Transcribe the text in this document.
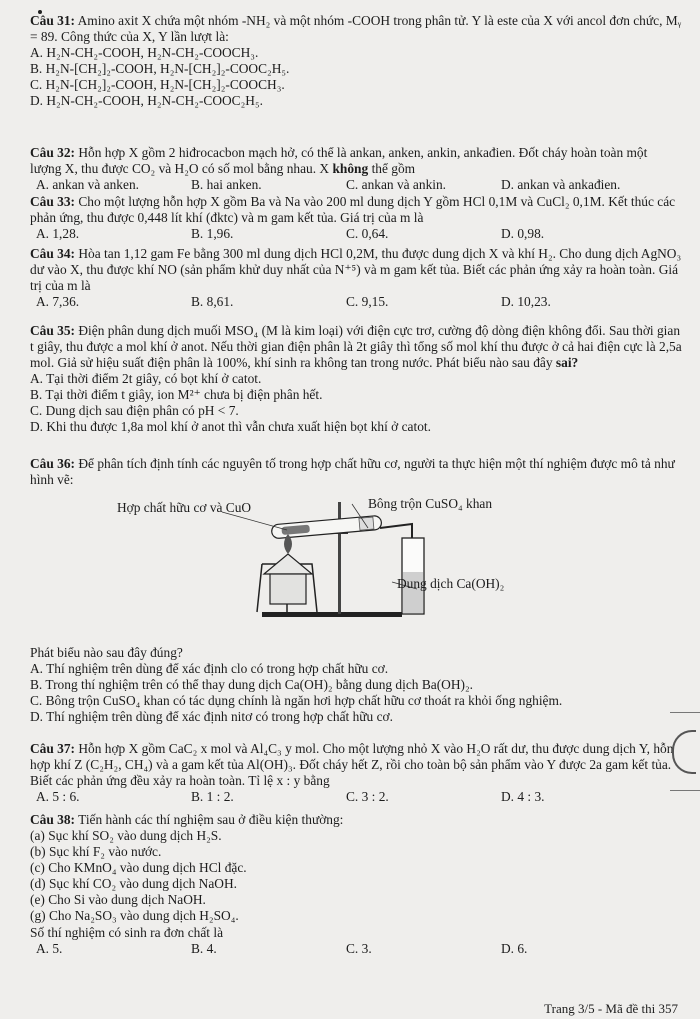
Câu 31: Amino axit X chứa một nhóm -NH₂ và một nhóm -COOH trong phân tử. Y là este của X với ancol đơn chức, Mᵧ = 89. Công thức của X, Y lần lượt là:

A. H₂N-CH₂-COOH, H₂N-CH₂-COOCH₃.

B. H₂N-[CH₂]₂-COOH, H₂N-[CH₂]₂-COOC₂H₅.

C. H₂N-[CH₂]₂-COOH, H₂N-[CH₂]₂-COOCH₃.

D. H₂N-CH₂-COOH, H₂N-CH₂-COOC₂H₅.

Câu 32: Hỗn hợp X gồm 2 hiđrocacbon mạch hở, có thể là ankan, anken, ankin, ankađien. Đốt cháy hoàn toàn một lượng X, thu được CO₂ và H₂O có số mol bằng nhau. X không thể gồm

A. ankan và anken.	B. hai anken.	C. ankan và ankin.	D. ankan và ankađien.

Câu 33: Cho một lượng hỗn hợp X gồm Ba và Na vào 200 ml dung dịch Y gồm HCl 0,1M và CuCl₂ 0,1M. Kết thúc các phản ứng, thu được 0,448 lít khí (đktc) và m gam kết tủa. Giá trị của m là

A. 1,28.	B. 1,96.	C. 0,64.	D. 0,98.

Câu 34: Hòa tan 1,12 gam Fe bằng 300 ml dung dịch HCl 0,2M, thu được dung dịch X và khí H₂. Cho dung dịch AgNO₃ dư vào X, thu được khí NO (sản phẩm khử duy nhất của N⁺⁵) và m gam kết tủa. Biết các phản ứng xảy ra hoàn toàn. Giá trị của m là

A. 7,36.	B. 8,61.	C. 9,15.	D. 10,23.

Câu 35: Điện phân dung dịch muối MSO₄ (M là kim loại) với điện cực trơ, cường độ dòng điện không đổi. Sau thời gian t giây, thu được a mol khí ở anot. Nếu thời gian điện phân là 2t giây thì tổng số mol khí thu được ở cả hai điện cực là 2,5a mol. Giả sử hiệu suất điện phân là 100%, khí sinh ra không tan trong nước. Phát biểu nào sau đây sai?

A. Tại thời điểm 2t giây, có bọt khí ở catot.

B. Tại thời điểm t giây, ion M²⁺ chưa bị điện phân hết.

C. Dung dịch sau điện phân có pH < 7.

D. Khi thu được 1,8a mol khí ở anot thì vẫn chưa xuất hiện bọt khí ở catot.

Câu 36: Để phân tích định tính các nguyên tố trong hợp chất hữu cơ, người ta thực hiện một thí nghiệm được mô tả như hình vẽ:

Hợp chất hữu cơ và CuO	Bông trộn CuSO₄ khan
Dung dịch Ca(OH)₂

Phát biểu nào sau đây đúng?

A. Thí nghiệm trên dùng để xác định clo có trong hợp chất hữu cơ.

B. Trong thí nghiệm trên có thể thay dung dịch Ca(OH)₂ bằng dung dịch Ba(OH)₂.

C. Bông trộn CuSO₄ khan có tác dụng chính là ngăn hơi hợp chất hữu cơ thoát ra khỏi ống nghiệm.

D. Thí nghiệm trên dùng để xác định nitơ có trong hợp chất hữu cơ.

Câu 37: Hỗn hợp X gồm CaC₂ x mol và Al₄C₃ y mol. Cho một lượng nhỏ X vào H₂O rất dư, thu được dung dịch Y, hỗn hợp khí Z (C₂H₂, CH₄) và a gam kết tủa Al(OH)₃. Đốt cháy hết Z, rồi cho toàn bộ sản phẩm vào Y được 2a gam kết tủa. Biết các phản ứng đều xảy ra hoàn toàn. Tỉ lệ x : y bằng

A. 5 : 6.	B. 1 : 2.	C. 3 : 2.	D. 4 : 3.

Câu 38: Tiến hành các thí nghiệm sau ở điều kiện thường:

(a) Sục khí SO₂ vào dung dịch H₂S.

(b) Sục khí F₂ vào nước.

(c) Cho KMnO₄ vào dung dịch HCl đặc.

(d) Sục khí CO₂ vào dung dịch NaOH.

(e) Cho Si vào dung dịch NaOH.

(g) Cho Na₂SO₃ vào dung dịch H₂SO₄.

Số thí nghiệm có sinh ra đơn chất là

A. 5.	B. 4.	C. 3.	D. 6.
Trang 3/5 - Mã đề thi 357
